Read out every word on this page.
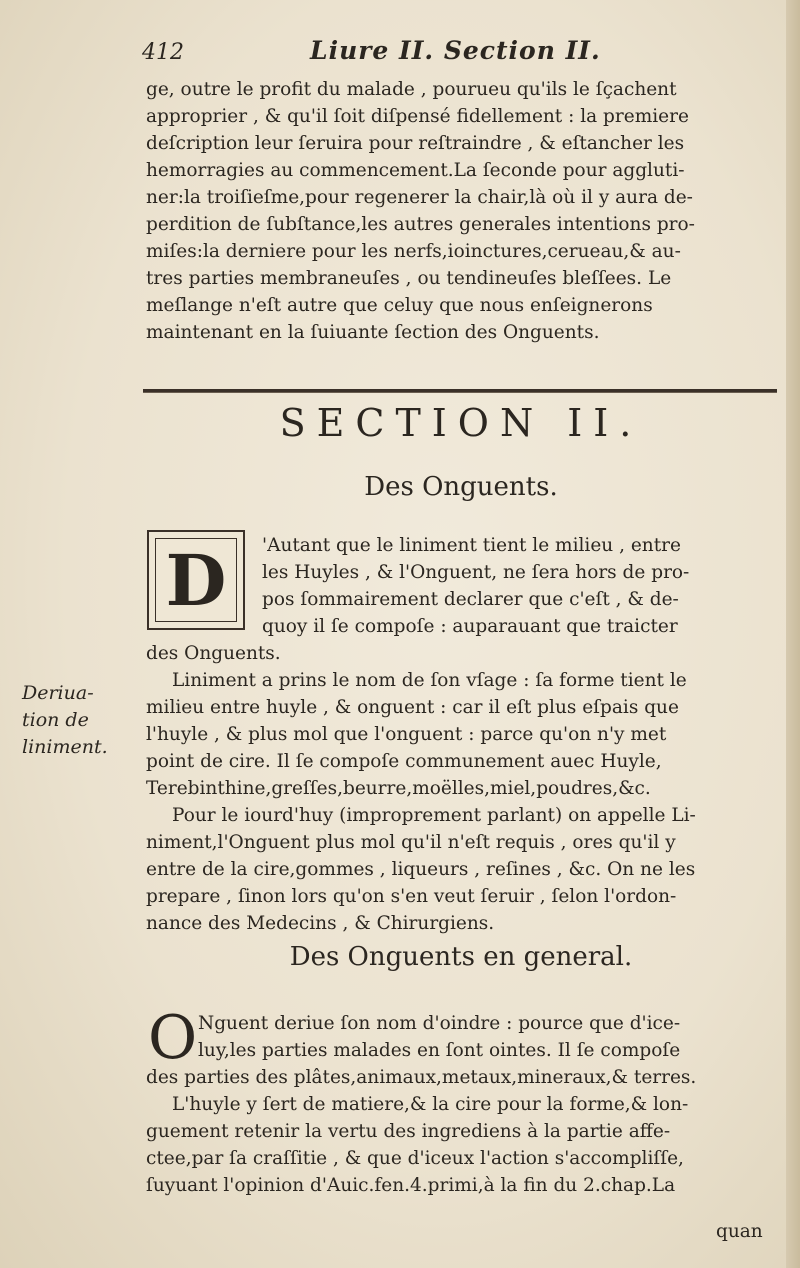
412	Liure II. Section II.
ge, outre le profit du malade , pourueu qu'ils le ſçachent
approprier , & qu'il ſoit diſpensé fidellement : la premiere
deſcription leur ſeruira pour reſtraindre , & eſtancher les
hemorragies au commencement.La ſeconde pour aggluti-
ner:la troiſieſme,pour regenerer la chair,là où il y aura de-
perdition de ſubſtance,les autres generales intentions pro-
miſes:la derniere pour les nerfs,ioinctures,cerueau,& au-
tres parties membraneuſes , ou tendineuſes bleſſees. Le
meſlange n'eſt autre que celuy que nous enſeignerons
maintenant en la ſuiuante ſection des Onguents.
SECTION II.
Des Onguents.
D	'Autant que le liniment tient le milieu , entre
les Huyles , & l'Onguent, ne ſera hors de pro-
pos ſommairement declarer que c'eſt , & de-
quoy il ſe compoſe : auparauant que traicter
des Onguents.
Liniment a prins le nom de ſon vſage : ſa forme tient le
milieu entre huyle , & onguent : car il eſt plus eſpais que
l'huyle , & plus mol que l'onguent : parce qu'on n'y met
point de cire. Il ſe compoſe communement auec Huyle,
Terebinthine,greſſes,beurre,moëlles,miel,poudres,&c.
Pour le iourd'huy (improprement parlant) on appelle Li-
niment,l'Onguent plus mol qu'il n'eſt requis , ores qu'il y
entre de la cire,gommes , liqueurs , reſines , &c. On ne les
prepare , ſinon lors qu'on s'en veut ſeruir , ſelon l'ordon-
nance des Medecins , & Chirurgiens.
Deriua-
tion de
liniment.
Des Onguents en general.
O Nguent deriue ſon nom d'oindre : pource que d'ice-
luy,les parties malades en ſont ointes. Il ſe compoſe
des parties des plâtes,animaux,metaux,mineraux,& terres.
L'huyle y ſert de matiere,& la cire pour la forme,& lon-
guement retenir la vertu des ingrediens à la partie affe-
ctee,par ſa craſſitie , & que d'iceux l'action s'accompliſſe,
ſuyuant l'opinion d'Auic.fen.4.primi,à la fin du 2.chap.La
quan
